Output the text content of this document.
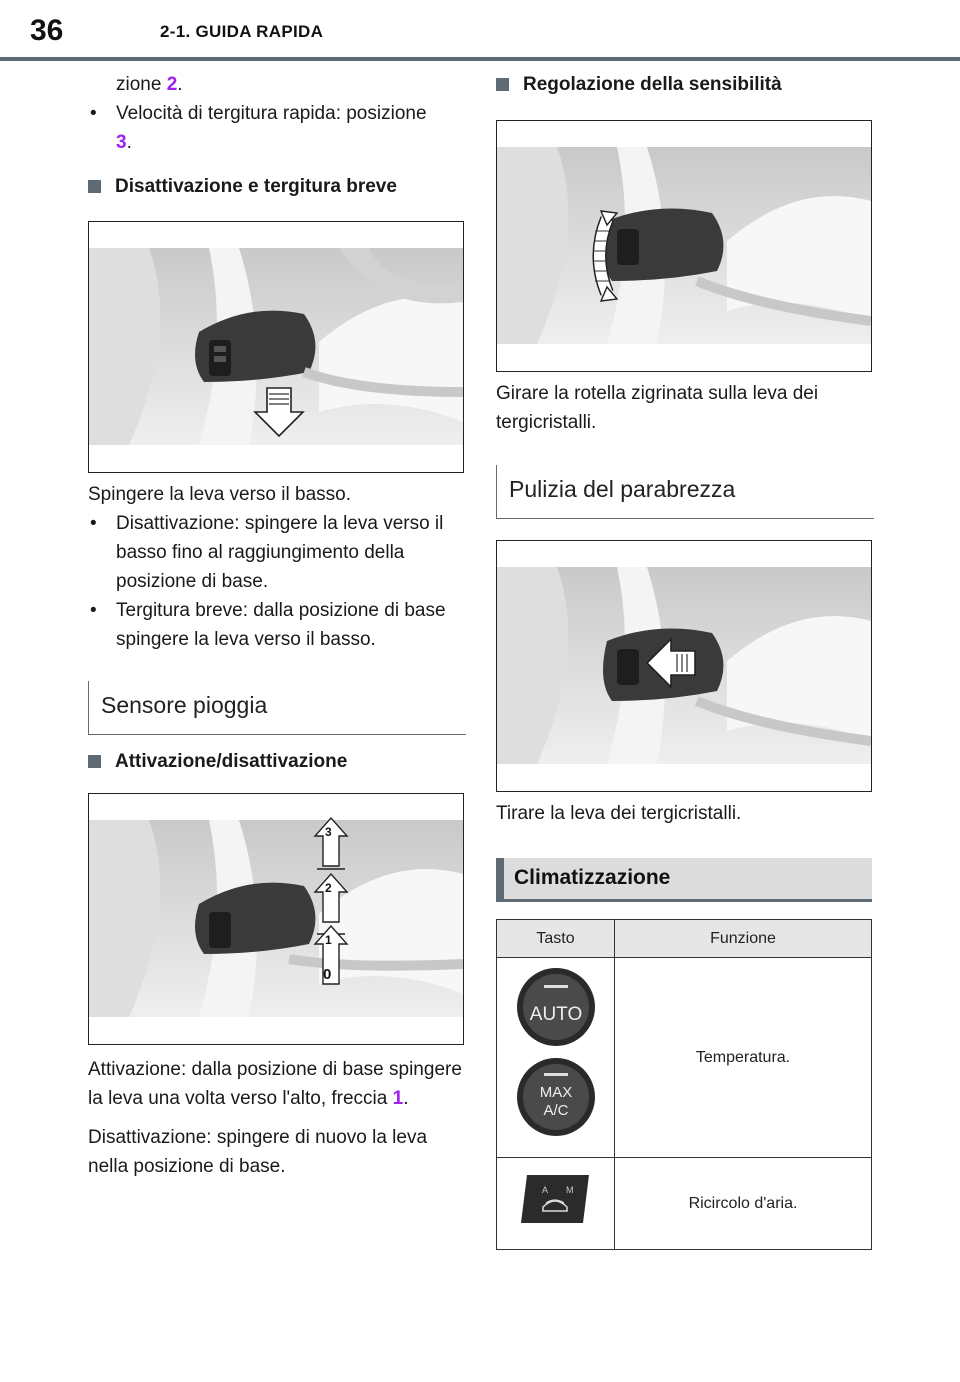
36	2-1. GUIDA RAPIDA

zione 2.

• Velocità di tergitura rapida: posizione
3.

Disattivazione e tergitura breve

Spingere la leva verso il basso.

• Disattivazione: spingere la leva verso il basso fino al raggiungimento della posizione di base.

• Tergitura breve: dalla posizione di base spingere la leva verso il basso.

Sensore pioggia
Attivazione/disattivazione
0
1
2
3

Attivazione: dalla posizione di base spingere la leva una volta verso l'alto, freccia 1.

Disattivazione: spingere di nuovo la leva nella posizione di base.

Regolazione della sensibilità

Girare la rotella zigrinata sulla leva dei tergicristalli.

Pulizia del parabrezza

Tirare la leva dei tergicristalli.

Climatizzazione
Tasto	Funzione

AUTO
MAX
A/C	Temperatura.

A M	Ricircolo d'aria.
